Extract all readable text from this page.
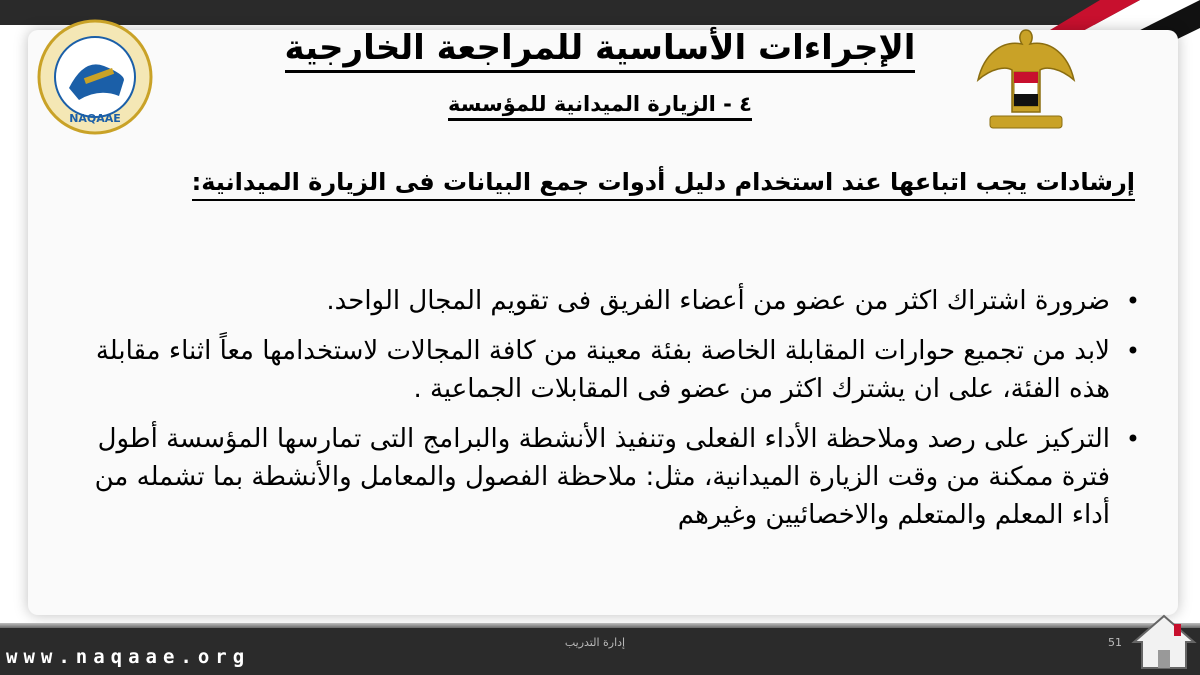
NAQAAE
الإجراءات الأساسية للمراجعة الخارجية
٤ - الزيارة الميدانية للمؤسسة
إرشادات يجب اتباعها عند استخدام دليل أدوات جمع البيانات فى الزيارة الميدانية:
•
ضرورة اشتراك اكثر من عضو من أعضاء الفريق فى تقويم المجال الواحد.
•
لابد من تجميع حوارات المقابلة الخاصة بفئة معينة من كافة المجالات لاستخدامها معاً اثناء مقابلة هذه الفئة، على ان يشترك اكثر من عضو فى المقابلات الجماعية .
•
التركيز على رصد وملاحظة الأداء الفعلى وتنفيذ الأنشطة والبرامج التى تمارسها المؤسسة أطول فترة ممكنة من وقت الزيارة الميدانية، مثل: ملاحظة الفصول والمعامل والأنشطة بما تشمله من أداء المعلم والمتعلم والاخصائيين وغيرهم
www.naqaae.org
إدارة التدريب	51
